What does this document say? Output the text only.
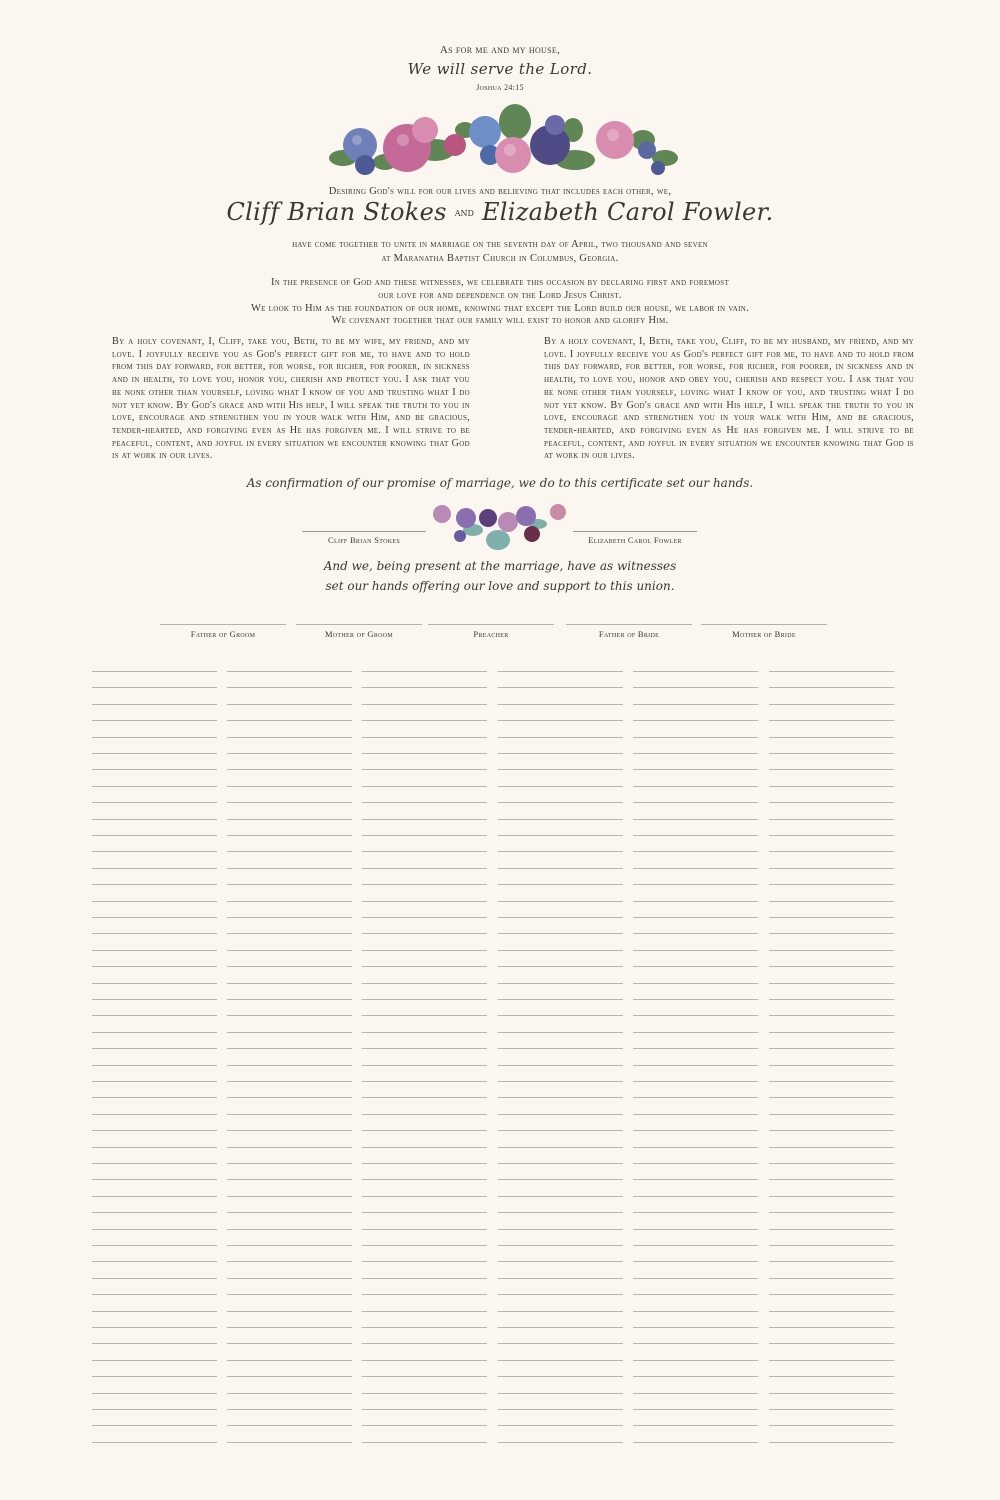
As for me and my house,
We will serve the Lord.
Joshua 24:15
Desiring God's will for our lives and believing that includes each other, we,
Cliff Brian Stokes and Elizabeth Carol Fowler.
have come together to unite in marriage on the seventh day of April, two thousand and seven
at Maranatha Baptist Church in Columbus, Georgia.
In the presence of God and these witnesses, we celebrate this occasion by declaring first and foremost
our love for and dependence on the Lord Jesus Christ.
We look to Him as the foundation of our home, knowing that except the Lord build our house, we labor in vain.
We covenant together that our family will exist to honor and glorify Him.
By a holy covenant, I, Cliff, take you, Beth, to be my wife, my friend, and my love. I joyfully receive you as God's perfect gift for me, to have and to hold from this day forward, for better, for worse, for richer, for poorer, in sickness and in health, to love you, honor you, cherish and protect you. I ask that you be none other than yourself, loving what I know of you and trusting what I do not yet know. By God's grace and with His help, I will speak the truth to you in love, encourage and strengthen you in your walk with Him, and be gracious, tender-hearted, and forgiving even as He has forgiven me. I will strive to be peaceful, content, and joyful in every situation we encounter knowing that God is at work in our lives.
By a holy covenant, I, Beth, take you, Cliff, to be my husband, my friend, and my love. I joyfully receive you as God's perfect gift for me, to have and to hold from this day forward, for better, for worse, for richer, for poorer, in sickness and in health, to love you, honor and obey you, cherish and respect you. I ask that you be none other than yourself, loving what I know of you, and trusting what I do not yet know. By God's grace and with His help, I will speak the truth to you in love, encourage and strengthen you in your walk with Him, and be gracious, tender-hearted, and forgiving even as He has forgiven me. I will strive to be peaceful, content, and joyful in every situation we encounter knowing that God is at work in our lives.
As confirmation of our promise of marriage, we do to this certificate set our hands.
Cliff Brian Stokes	Elizabeth Carol Fowler
And we, being present at the marriage, have as witnesses
set our hands offering our love and support to this union.
Father of Groom	Mother of Groom	Preacher	Father of Bride	Mother of Bride
